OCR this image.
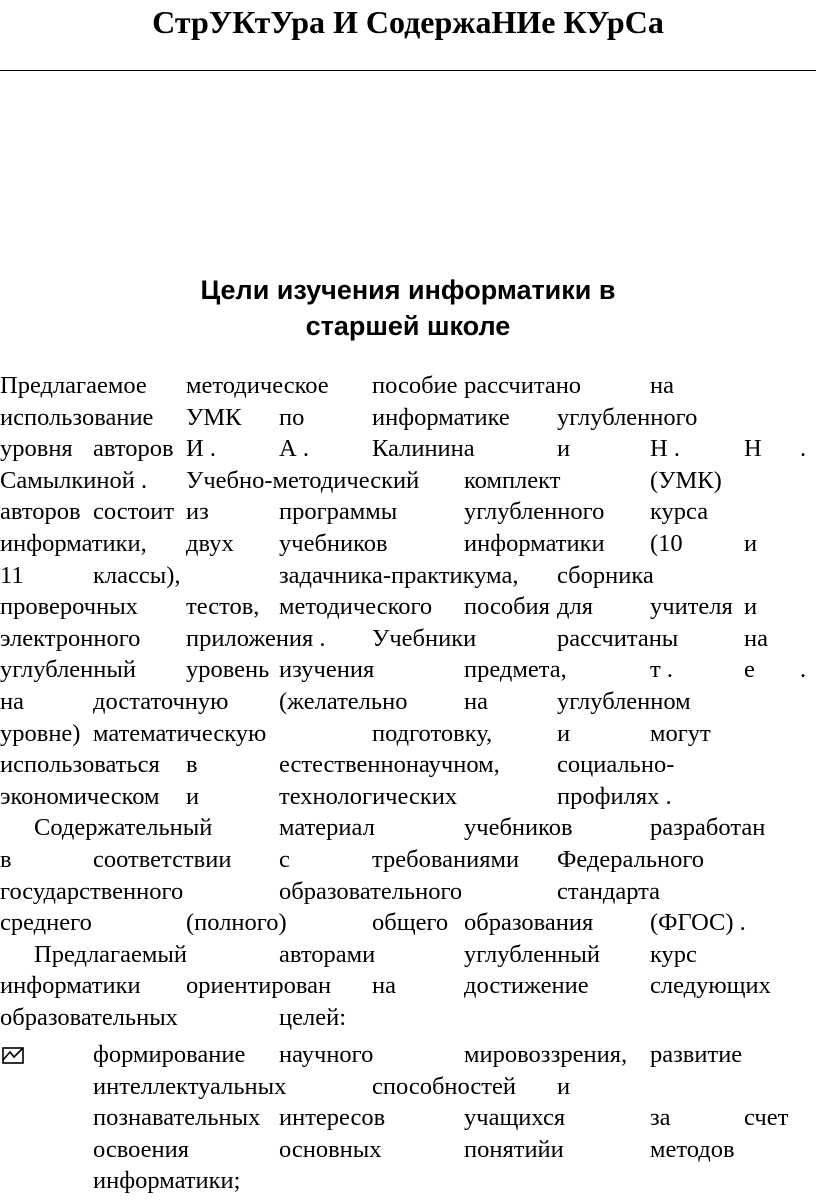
СтрУКтУра И СодержаНИе КУрСа
Цели изучения информатики в
старшей школе
Предлагаемое методическое пособие рассчитано	на
использование УМК по	информатике углубленного
уровня авторов И .	А .	Калинина	и	Н .	Н .
Самылкиной . Учебно-методический комплект	(УМК)
авторов состоит из	программы	углубленного курса
информатики, двух учебников	информатики (10	и
11	классы),	задачника-практикума, сборника
проверочных тестов, методического пособия для учителя и
электронного приложения . Учебники	рассчитаны	на
углубленный уровень изучения	предмета,	т .	е .
на	достаточную (желательно на	углубленном
уровне) математическую	подготовку,	и	могут
использоваться в	естественнонаучном, социально-
экономическом и	технологических	профилях .
Содержательный	материал	учебников	разработан
в	соответствии с	требованиями Федерального
государственного	образовательного	стандарта
среднего	(полного)	общего образования (ФГОС) .
Предлагаемый	авторами	углубленный курс
информатики ориентирован на	достижение	следующих
образовательных	целей:
формирование научного	мировоззрения, развитие
интеллектуальных	способностей и
познавательных интересов	учащихся	за	счет
освоения	основных	понятийи	методов
информатики;
